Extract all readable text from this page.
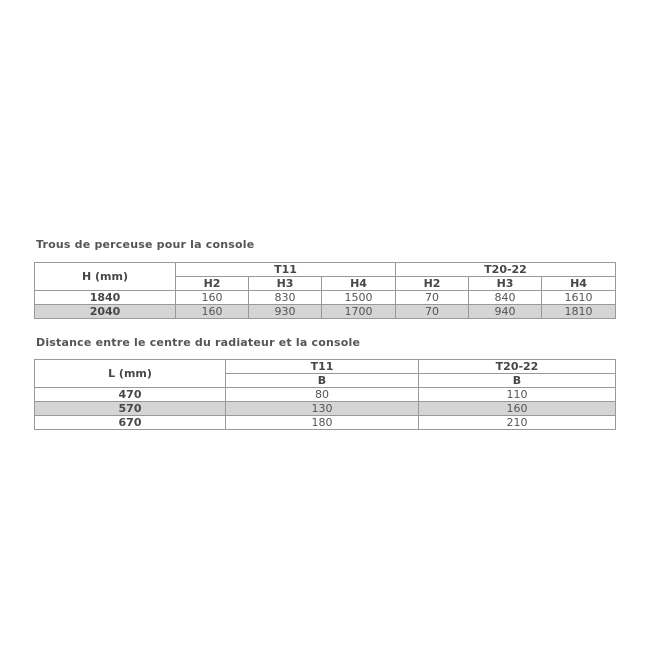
Trous de perceuse pour la console
H (mm)	T11			T20-22		
	H2	H3	H4	H2	H3	H4
1840	160	830	1500	70	840	1610
2040	160	930	1700	70	940	1810
Distance entre le centre du radiateur et la console
L (mm)	T11	T20-22
	B	B
470	80	110
570	130	160
670	180	210
